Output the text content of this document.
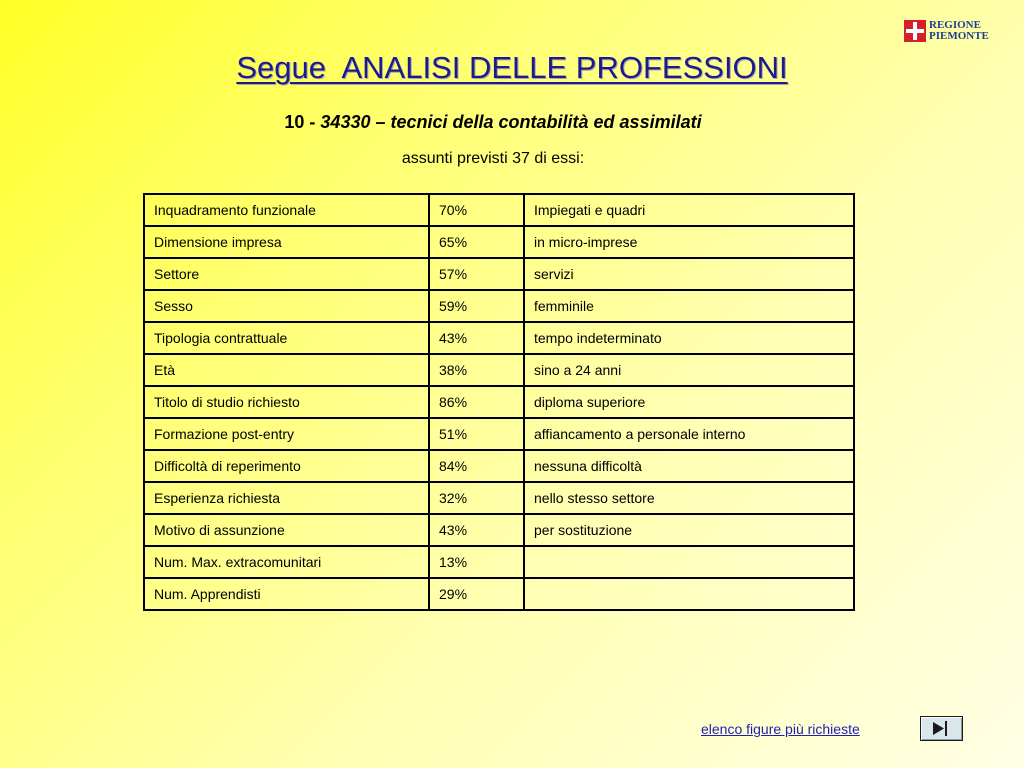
REGIONE
PIEMONTE
Segue  ANALISI DELLE PROFESSIONI
10 - 34330 – tecnici della contabilità ed assimilati
assunti previsti 37 di essi:
Inquadramento funzionale	70%	Impiegati e quadri
Dimensione impresa	65%	in micro-imprese
Settore	57%	servizi
Sesso	59%	femminile
Tipologia contrattuale	43%	tempo indeterminato
Età	38%	sino a 24 anni
Titolo di studio richiesto	86%	diploma superiore
Formazione post-entry	51%	affiancamento a personale interno
Difficoltà di reperimento	84%	nessuna difficoltà
Esperienza richiesta	32%	nello stesso settore
Motivo di assunzione	43%	per sostituzione
Num. Max. extracomunitari	13%	
Num. Apprendisti	29%	
elenco figure più richieste
